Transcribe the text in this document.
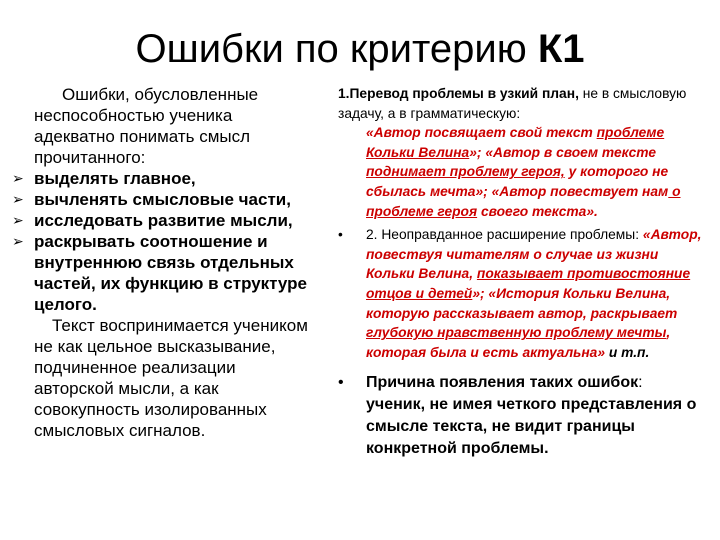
Ошибки по критерию К1
Ошибки, обусловленные неспособностью ученика адекватно понимать смысл прочитанного:
➢ выделять главное,
➢ вычленять смысловые части,
➢ исследовать развитие мысли,
➢ раскрывать соотношение и внутреннюю связь отдельных частей, их функцию в структуре целого.
Текст воспринимается учеником не как цельное высказывание, подчиненное реализации авторской мысли, а как совокупность изолированных смысловых сигналов.
1.Перевод проблемы в узкий план, не в смысловую задачу, а в грамматическую:
«Автор посвящает свой текст проблеме Кольки Велина»; «Автор в своем тексте поднимает проблему героя, у которого не сбылась мечта»; «Автор повествует нам о проблеме героя своего текста».
• 2. Неоправданное расширение проблемы: «Автор, повествуя читателям о случае из жизни Кольки Велина, показывает противостояние отцов и детей»; «История Кольки Велина, которую рассказывает автор, раскрывает глубокую нравственную проблему мечты, которая была и есть актуальна» и т.п.
• Причина появления таких ошибок: ученик, не имея четкого представления о смысле текста, не видит границы конкретной проблемы.
